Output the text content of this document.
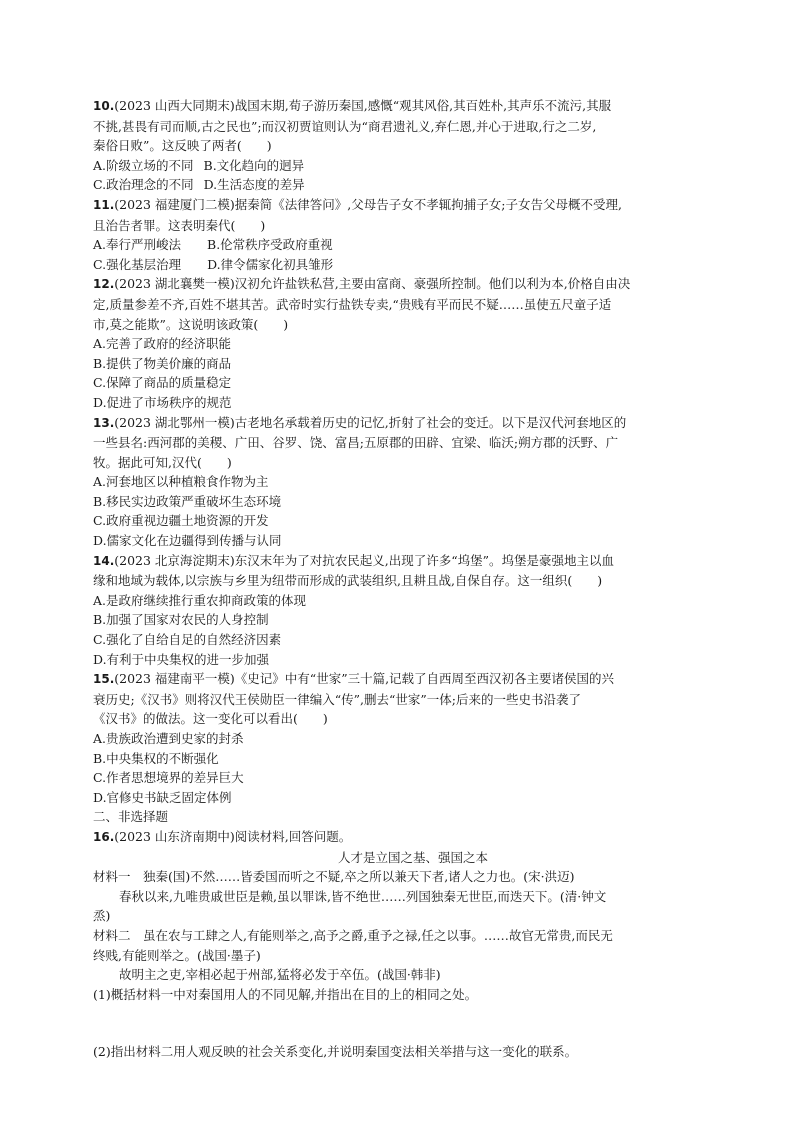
10.(2023 山西大同期末)战国末期,荀子游历秦国,感慨“观其风俗,其百姓朴,其声乐不流污,其服
不挑,甚畏有司而顺,古之民也”;而汉初贾谊则认为“商君遗礼义,弃仁恩,并心于进取,行之二岁,
秦俗日败”。这反映了两者(　　)
A.阶级立场的不同 B.文化趋向的迥异
C.政治理念的不同 D.生活态度的差异
11.(2023 福建厦门二模)据秦简《法律答问》,父母告子女不孝辄拘捕子女;子女告父母概不受理,
且治告者罪。这表明秦代(　　)
A.奉行严刑峻法 B.伦常秩序受政府重视
C.强化基层治理 D.律令儒家化初具雏形
12.(2023 湖北襄樊一模)汉初允许盐铁私营,主要由富商、豪强所控制。他们以利为本,价格自由决
定,质量参差不齐,百姓不堪其苦。武帝时实行盐铁专卖,“贵贱有平而民不疑……虽使五尺童子适
市,莫之能欺”。这说明该政策(　　)
A.完善了政府的经济职能
B.提供了物美价廉的商品
C.保障了商品的质量稳定
D.促进了市场秩序的规范
13.(2023 湖北鄂州一模)古老地名承载着历史的记忆,折射了社会的变迁。以下是汉代河套地区的
一些县名:西河郡的美稷、广田、谷罗、饶、富昌;五原郡的田辟、宜梁、临沃;朔方郡的沃野、广
牧。据此可知,汉代(　　)
A.河套地区以种植粮食作物为主
B.移民实边政策严重破坏生态环境
C.政府重视边疆土地资源的开发
D.儒家文化在边疆得到传播与认同
14.(2023 北京海淀期末)东汉末年为了对抗农民起义,出现了许多“坞堡”。坞堡是豪强地主以血
缘和地域为载体,以宗族与乡里为纽带而形成的武装组织,且耕且战,自保自存。这一组织(　　)
A.是政府继续推行重农抑商政策的体现
B.加强了国家对农民的人身控制
C.强化了自给自足的自然经济因素
D.有利于中央集权的进一步加强
15.(2023 福建南平一模)《史记》中有“世家”三十篇,记载了自西周至西汉初各主要诸侯国的兴
衰历史;《汉书》则将汉代王侯勋臣一律编入“传”,删去“世家”一体;后来的一些史书沿袭了
《汉书》的做法。这一变化可以看出(　　)
A.贵族政治遭到史家的封杀
B.中央集权的不断强化
C.作者思想境界的差异巨大
D.官修史书缺乏固定体例
二、非选择题
16.(2023 山东济南期中)阅读材料,回答问题。
人才是立国之基、强国之本
材料一　独秦(国)不然……皆委国而听之不疑,卒之所以兼天下者,诸人之力也。(宋·洪迈)
春秋以来,九唯贵戚世臣是赖,虽以罪诛,皆不绝世……列国独秦无世臣,而迭天下。(清·钟文
烝)
材料二　虽在农与工肆之人,有能则举之,高予之爵,重予之禄,任之以事。……故官无常贵,而民无
终贱,有能则举之。(战国·墨子)
故明主之吏,宰相必起于州部,猛将必发于卒伍。(战国·韩非)
(1)概括材料一中对秦国用人的不同见解,并指出在目的上的相同之处。
(2)指出材料二用人观反映的社会关系变化,并说明秦国变法相关举措与这一变化的联系。
